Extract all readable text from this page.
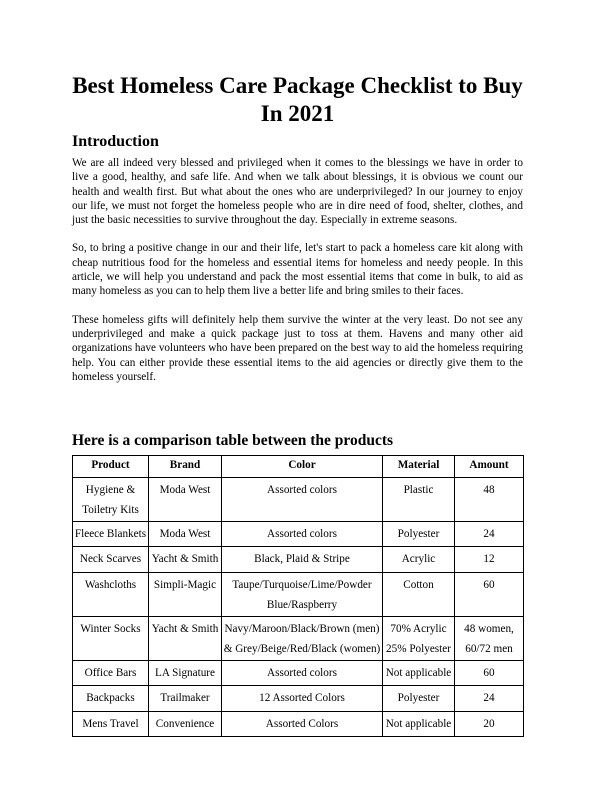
Best Homeless Care Package Checklist to Buy In 2021
Introduction

We are all indeed very blessed and privileged when it comes to the blessings we have in order to live a good, healthy, and safe life. And when we talk about blessings, it is obvious we count our health and wealth first. But what about the ones who are underprivileged? In our journey to enjoy our life, we must not forget the homeless people who are in dire need of food, shelter, clothes, and just the basic necessities to survive throughout the day. Especially in extreme seasons.

So, to bring a positive change in our and their life, let's start to pack a homeless care kit along with cheap nutritious food for the homeless and essential items for homeless and needy people. In this article, we will help you understand and pack the most essential items that come in bulk, to aid as many homeless as you can to help them live a better life and bring smiles to their faces.

These homeless gifts will definitely help them survive the winter at the very least. Do not see any underprivileged and make a quick package just to toss at them. Havens and many other aid organizations have volunteers who have been prepared on the best way to aid the homeless requiring help. You can either provide these essential items to the aid agencies or directly give them to the homeless yourself.

Here is a comparison table between the products
Product	Brand	Color	Material	Amount
Hygiene & Toiletry Kits	Moda West	Assorted colors	Plastic	48
Fleece Blankets	Moda West	Assorted colors	Polyester	24
Neck Scarves	Yacht & Smith	Black, Plaid & Stripe	Acrylic	12
Washcloths	Simpli-Magic	Taupe/Turquoise/Lime/Powder Blue/Raspberry	Cotton	60
Winter Socks	Yacht & Smith	Navy/Maroon/Black/Brown (men) & Grey/Beige/Red/Black (women)	70% Acrylic 25% Polyester	48 women, 60/72 men
Office Bars	LA Signature	Assorted colors	Not applicable	60
Backpacks	Trailmaker	12 Assorted Colors	Polyester	24
Mens Travel	Convenience	Assorted Colors	Not applicable	20
